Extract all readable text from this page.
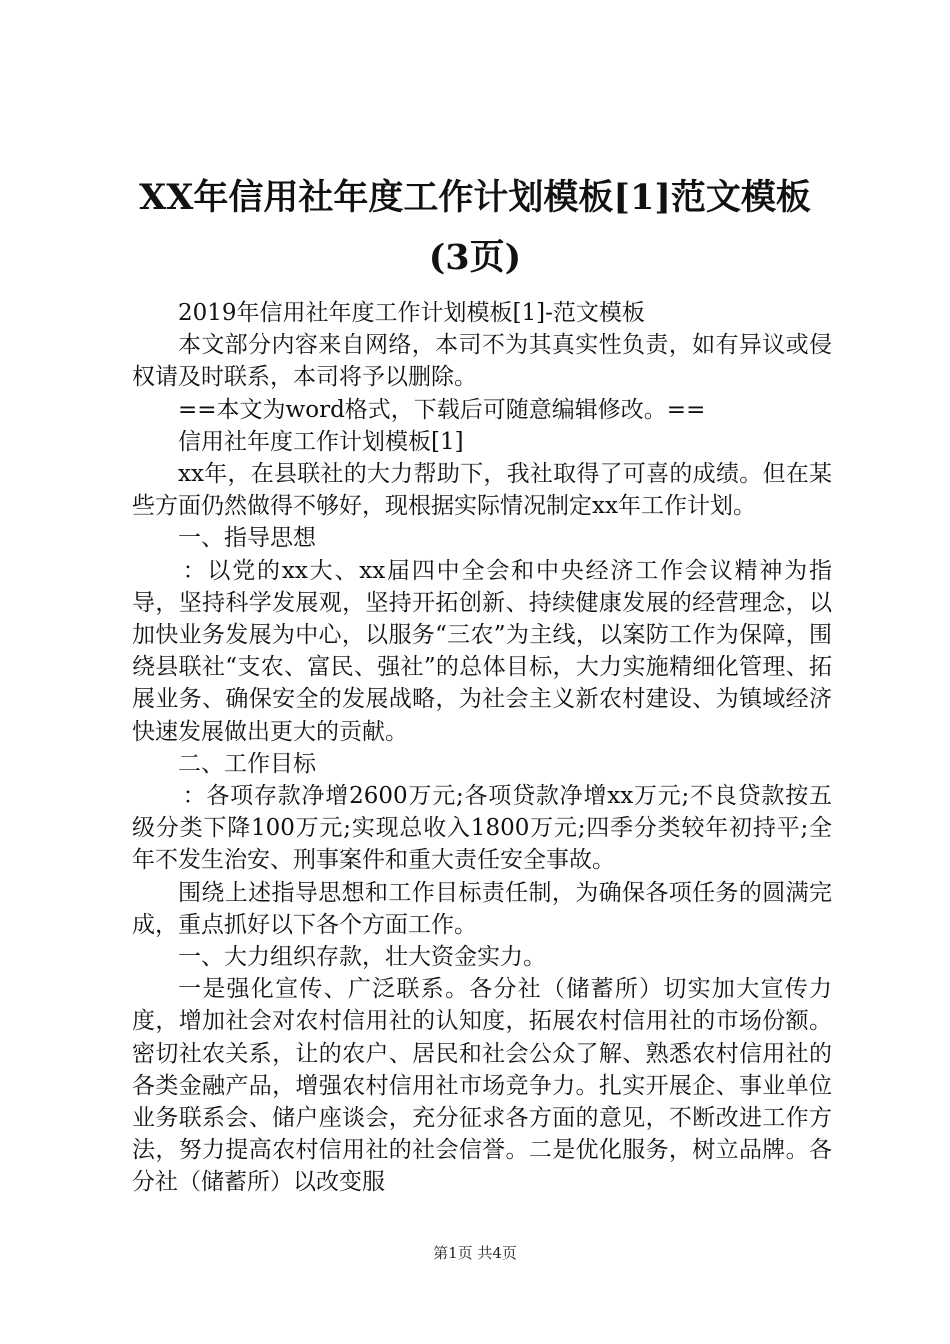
XX年信用社年度工作计划模板[1]范文模板(3页)

2019年信用社年度工作计划模板[1]-范文模板

本文部分内容来自网络，本司不为其真实性负责，如有异议或侵权请及时联系，本司将予以删除。

==本文为word格式，下载后可随意编辑修改。==

信用社年度工作计划模板[1]

xx年，在县联社的大力帮助下，我社取得了可喜的成绩。但在某些方面仍然做得不够好，现根据实际情况制定xx年工作计划。

一、指导思想

：以党的xx大、xx届四中全会和中央经济工作会议精神为指导，坚持科学发展观，坚持开拓创新、持续健康发展的经营理念，以加快业务发展为中心，以服务“三农”为主线，以案防工作为保障，围绕县联社“支农、富民、强社”的总体目标，大力实施精细化管理、拓展业务、确保安全的发展战略，为社会主义新农村建设、为镇域经济快速发展做出更大的贡献。

二、工作目标

：各项存款净增2600万元;各项贷款净增xx万元;不良贷款按五级分类下降100万元;实现总收入1800万元;四季分类较年初持平;全年不发生治安、刑事案件和重大责任安全事故。

围绕上述指导思想和工作目标责任制，为确保各项任务的圆满完成，重点抓好以下各个方面工作。

一、大力组织存款，壮大资金实力。

一是强化宣传、广泛联系。各分社（储蓄所）切实加大宣传力度，增加社会对农村信用社的认知度，拓展农村信用社的市场份额。密切社农关系，让的农户、居民和社会公众了解、熟悉农村信用社的各类金融产品，增强农村信用社市场竞争力。扎实开展企、事业单位业务联系会、储户座谈会，充分征求各方面的意见，不断改进工作方法，努力提高农村信用社的社会信誉。二是优化服务，树立品牌。各分社（储蓄所）以改变服

第1页 共4页
